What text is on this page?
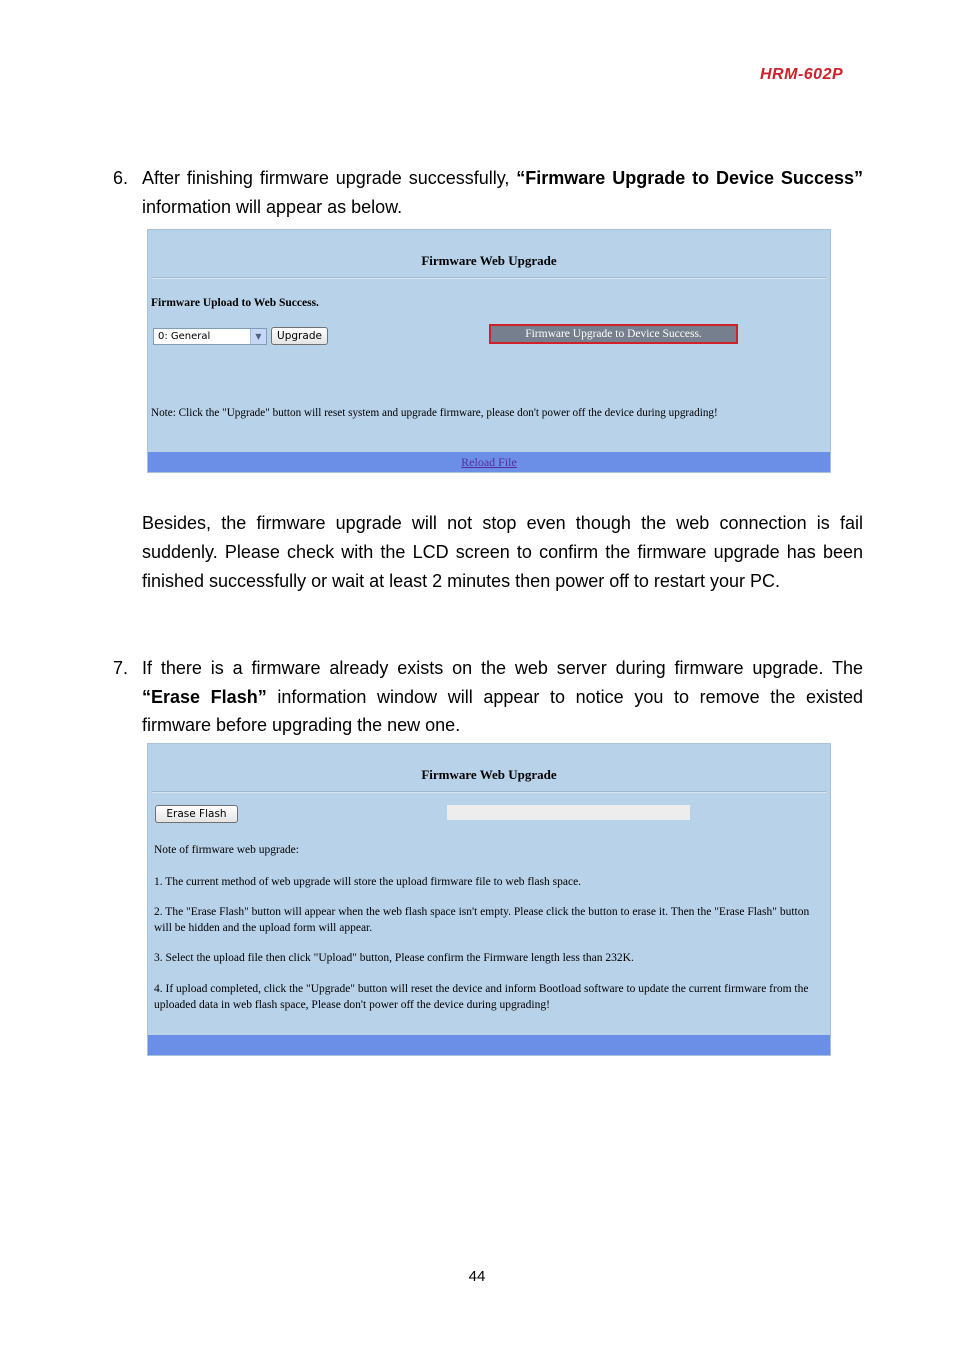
HRM-602P
6. After finishing firmware upgrade successfully, “Firmware Upgrade to Device Success” information will appear as below.
Firmware Web Upgrade
Firmware Upload to Web Success.
0: General	▼	Upgrade	Firmware Upgrade to Device Success.
Note: Click the "Upgrade" button will reset system and upgrade firmware, please don't power off the device during upgrading!
Reload File
Besides, the firmware upgrade will not stop even though the web connection is fail suddenly. Please check with the LCD screen to confirm the firmware upgrade has been finished successfully or wait at least 2 minutes then power off to restart your PC.
7. If there is a firmware already exists on the web server during firmware upgrade. The “Erase Flash” information window will appear to notice you to remove the existed firmware before upgrading the new one.
Firmware Web Upgrade
Erase Flash
Note of firmware web upgrade:
1. The current method of web upgrade will store the upload firmware file to web flash space.
2. The "Erase Flash" button will appear when the web flash space isn't empty. Please click the button to erase it. Then the "Erase Flash" button will be hidden and the upload form will appear.
3. Select the upload file then click "Upload" button, Please confirm the Firmware length less than 232K.
4. If upload completed, click the "Upgrade" button will reset the device and inform Bootload software to update the current firmware from the uploaded data in web flash space, Please don't power off the device during upgrading!
44
